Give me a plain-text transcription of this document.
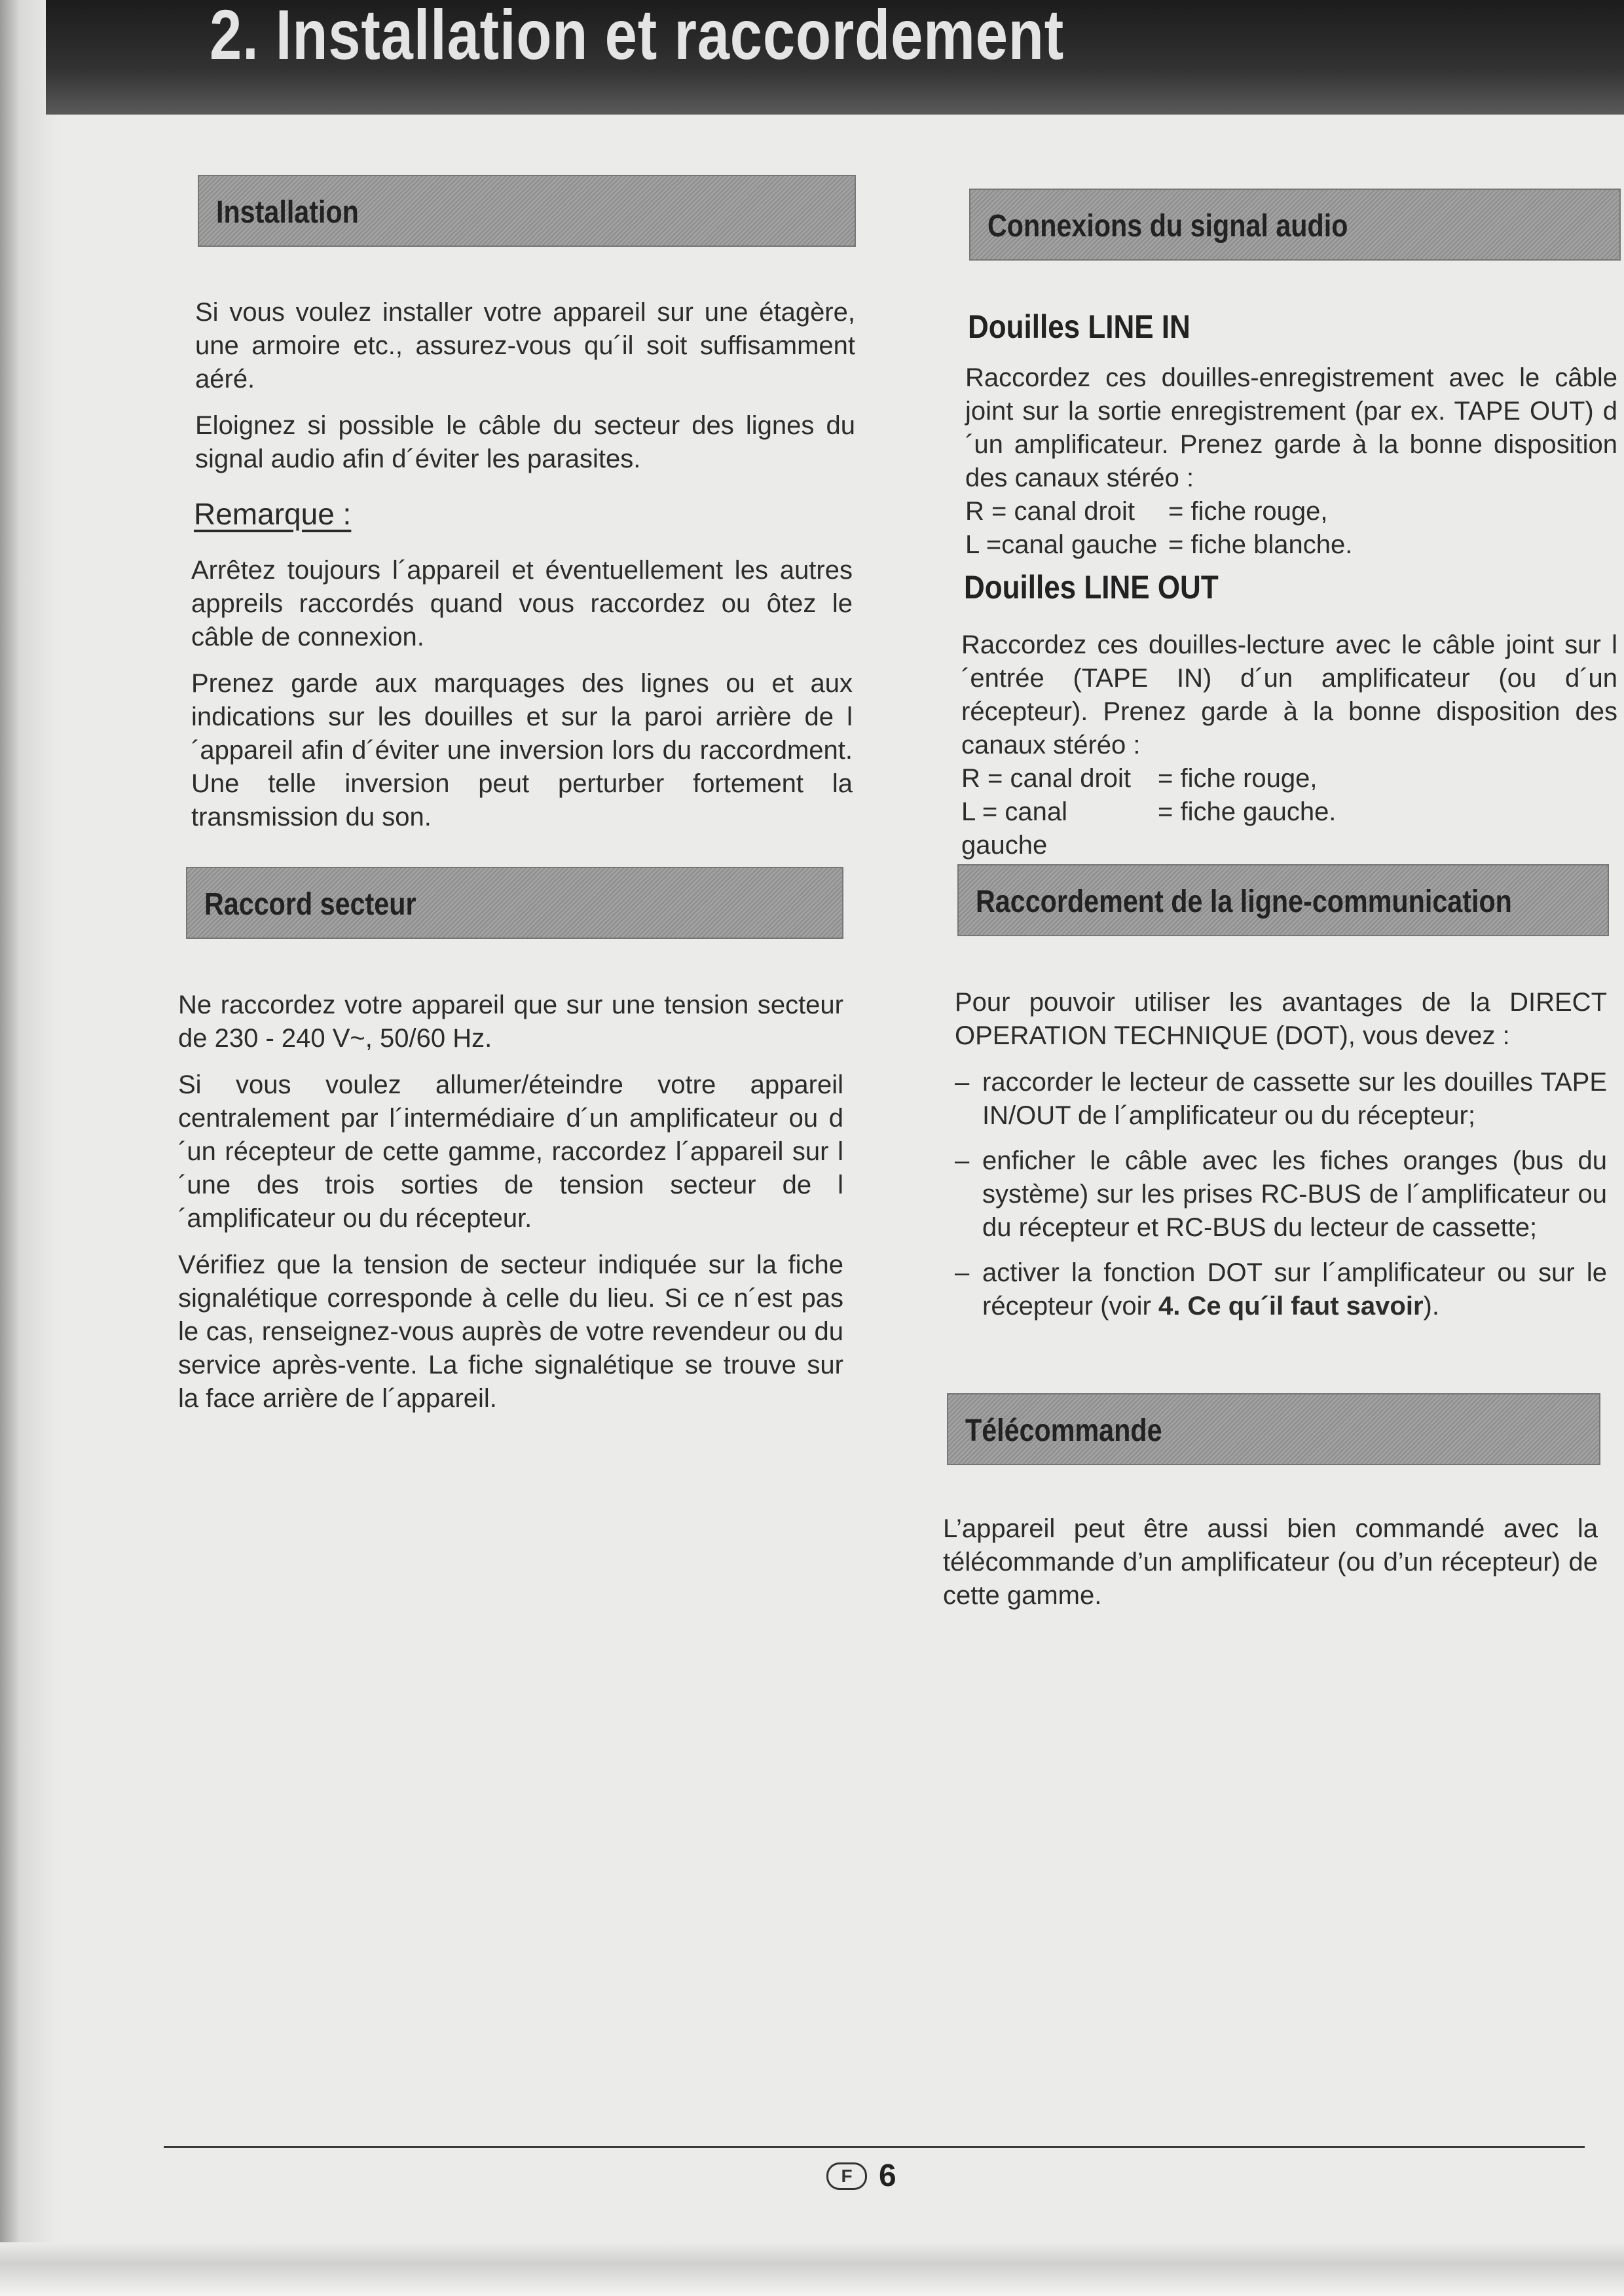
2. Installation et raccordement
Installation

Si vous voulez installer votre appareil sur une étagère, une armoire etc., assurez-vous qu´il soit suffisamment aéré.

Eloignez si possible le câble du secteur des lignes du signal audio afin d´éviter les parasites.

Remarque :

Arrêtez toujours l´appareil et éventuellement les autres appreils raccordés quand vous raccordez ou ôtez le câble de connexion.

Prenez garde aux marquages des lignes ou et aux indications sur les douilles et sur la paroi arrière de l´appareil afin d´éviter une inversion lors du raccordment. Une telle inversion peut perturber fortement la transmission du son.

Raccord secteur

Ne raccordez votre appareil que sur une tension secteur de 230 - 240 V~, 50/60 Hz.

Si vous voulez allumer/éteindre votre appareil centralement par l´intermédiaire d´un amplificateur ou d´un récepteur de cette gamme, raccordez l´appareil sur l´une des trois sorties de tension secteur de l´amplificateur ou du récepteur.

Vérifiez que la tension de secteur indiquée sur la fiche signalétique corresponde à celle du lieu. Si ce n´est pas le cas, renseignez-vous auprès de votre revendeur ou du service après-vente. La fiche signalétique se trouve sur la face arrière de l´appareil.

Connexions du signal audio
Douilles LINE IN

Raccordez ces douilles-enregistrement avec le câble joint sur la sortie enregistrement (par ex. TAPE OUT) d´un amplificateur. Prenez garde à la bonne disposition des canaux stéréo :

R = canal droit	= fiche rouge,
L =canal gauche = fiche blanche.
Douilles LINE OUT

Raccordez ces douilles-lecture avec le câble joint sur l´entrée (TAPE IN) d´un amplificateur (ou d´un récepteur). Prenez garde à la bonne disposition des canaux stéréo :

R = canal droit	= fiche rouge,
L = canal gauche
= fiche gauche.
Raccordement de la ligne-communication

Pour pouvoir utiliser les avantages de la DIRECT OPERATION TECHNIQUE (DOT), vous devez :

– raccorder le lecteur de cassette sur les douilles TAPE IN/OUT de l´amplificateur ou du récepteur;
– enficher le câble avec les fiches oranges (bus du système) sur les prises RC-BUS de l´amplificateur ou du récepteur et RC-BUS du lecteur de cassette;
– activer la fonction DOT sur l´amplificateur ou sur le récepteur (voir 4. Ce qu´il faut savoir).
Télécommande

L’appareil peut être aussi bien commandé avec la télécommande d’un amplificateur (ou d’un récepteur) de cette gamme.

F 6
